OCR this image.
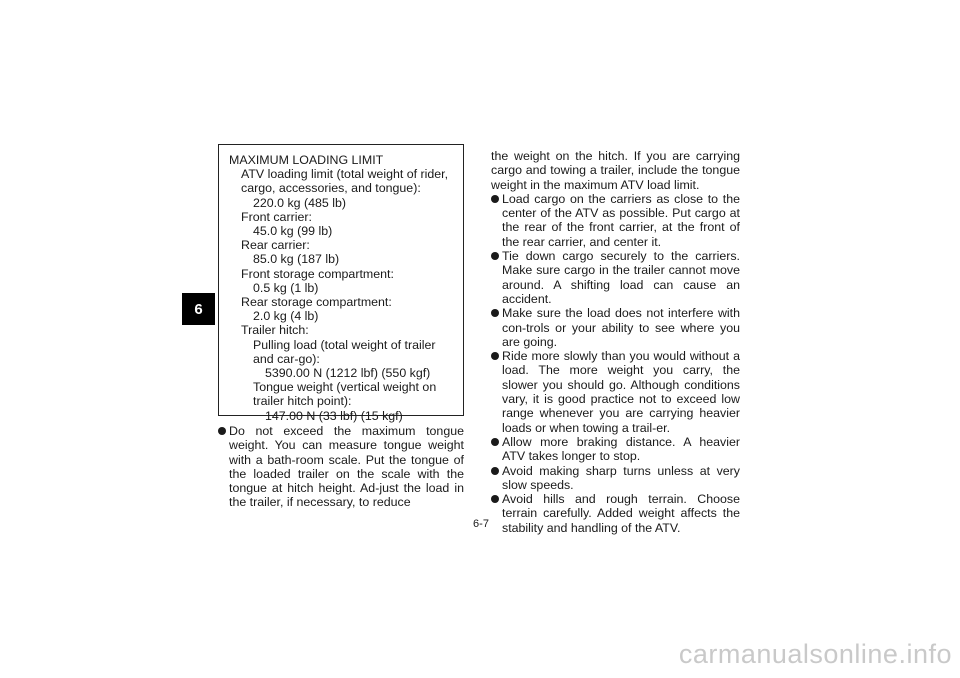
6
MAXIMUM LOADING LIMIT
ATV loading limit (total weight of rider, cargo, accessories, and tongue):
220.0 kg (485 lb)
Front carrier:
45.0 kg (99 lb)
Rear carrier:
85.0 kg (187 lb)
Front storage compartment:
0.5 kg (1 lb)
Rear storage compartment:
2.0 kg (4 lb)
Trailer hitch:
Pulling load (total weight of trailer and car-go):
5390.00 N (1212 lbf) (550 kgf)
Tongue weight (vertical weight on trailer hitch point):
147.00 N (33 lbf) (15 kgf)

Do not exceed the maximum tongue weight. You can measure tongue weight with a bath-room scale. Put the tongue of the loaded trailer on the scale with the tongue at hitch height. Ad-just the load in the trailer, if necessary, to reduce

the weight on the hitch. If you are carrying cargo and towing a trailer, include the tongue weight in the maximum ATV load limit.

Load cargo on the carriers as close to the center of the ATV as possible. Put cargo at the rear of the front carrier, at the front of the rear carrier, and center it.

Tie down cargo securely to the carriers. Make sure cargo in the trailer cannot move around. A shifting load can cause an accident.

Make sure the load does not interfere with con-trols or your ability to see where you are going.

Ride more slowly than you would without a load. The more weight you carry, the slower you should go. Although conditions vary, it is good practice not to exceed low range whenever you are carrying heavier loads or when towing a trail-er.

Allow more braking distance. A heavier ATV takes longer to stop.

Avoid making sharp turns unless at very slow speeds.

Avoid hills and rough terrain. Choose terrain carefully. Added weight affects the stability and handling of the ATV.

6-7
carmanualsonline.info
